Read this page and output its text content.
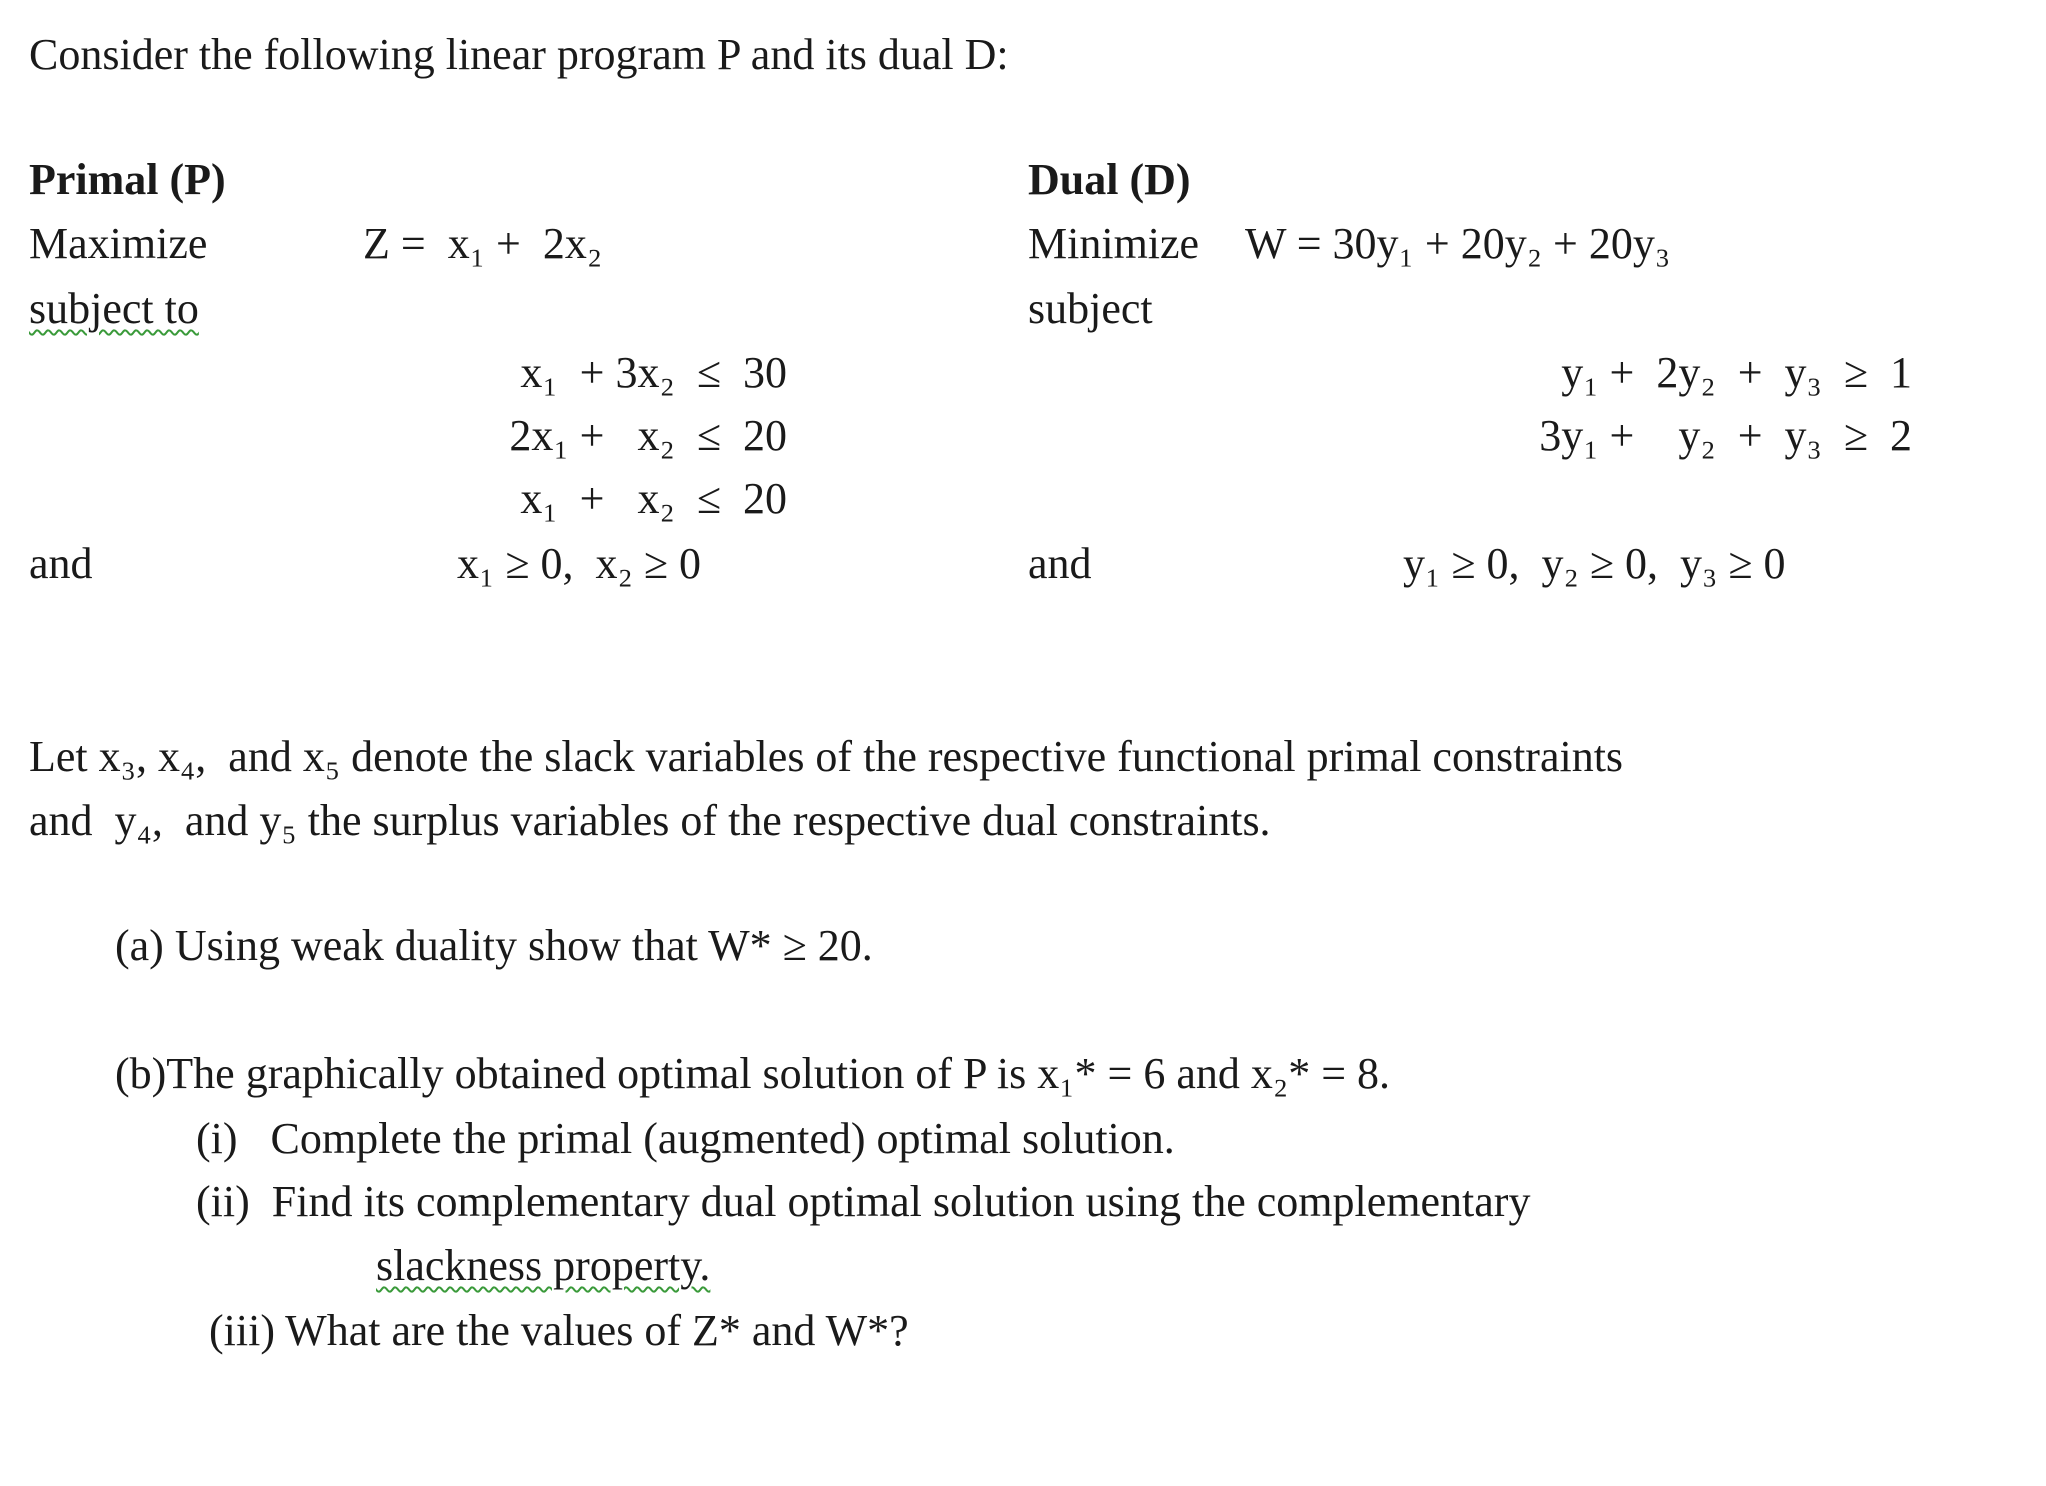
Consider the following linear program P and its dual D:
Primal (P)
Maximize	Z =  x₁ +  2x₂
subject to
x₁  + 3x₂  ≤  30
2x₁ +   x₂  ≤  20
x₁  +   x₂  ≤  20
and	x₁ ≥ 0,  x₂ ≥ 0
Dual (D)
Minimize W = 30y₁ + 20y₂ + 20y₃
subject
y₁ +  2y₂  +  y₃  ≥  1
3y₁ +    y₂  +  y₃  ≥  2
and	y₁ ≥ 0,  y₂ ≥ 0,  y₃ ≥ 0
Let x₃, x₄,  and x₅ denote the slack variables of the respective functional primal constraints
and  y₄,  and y₅ the surplus variables of the respective dual constraints.
(a) Using weak duality show that W* ≥ 20.
(b)The graphically obtained optimal solution of P is x₁* = 6 and x₂* = 8.
(i)   Complete the primal (augmented) optimal solution.
(ii)  Find its complementary dual optimal solution using the complementary
slackness property.
(iii) What are the values of Z* and W*?
